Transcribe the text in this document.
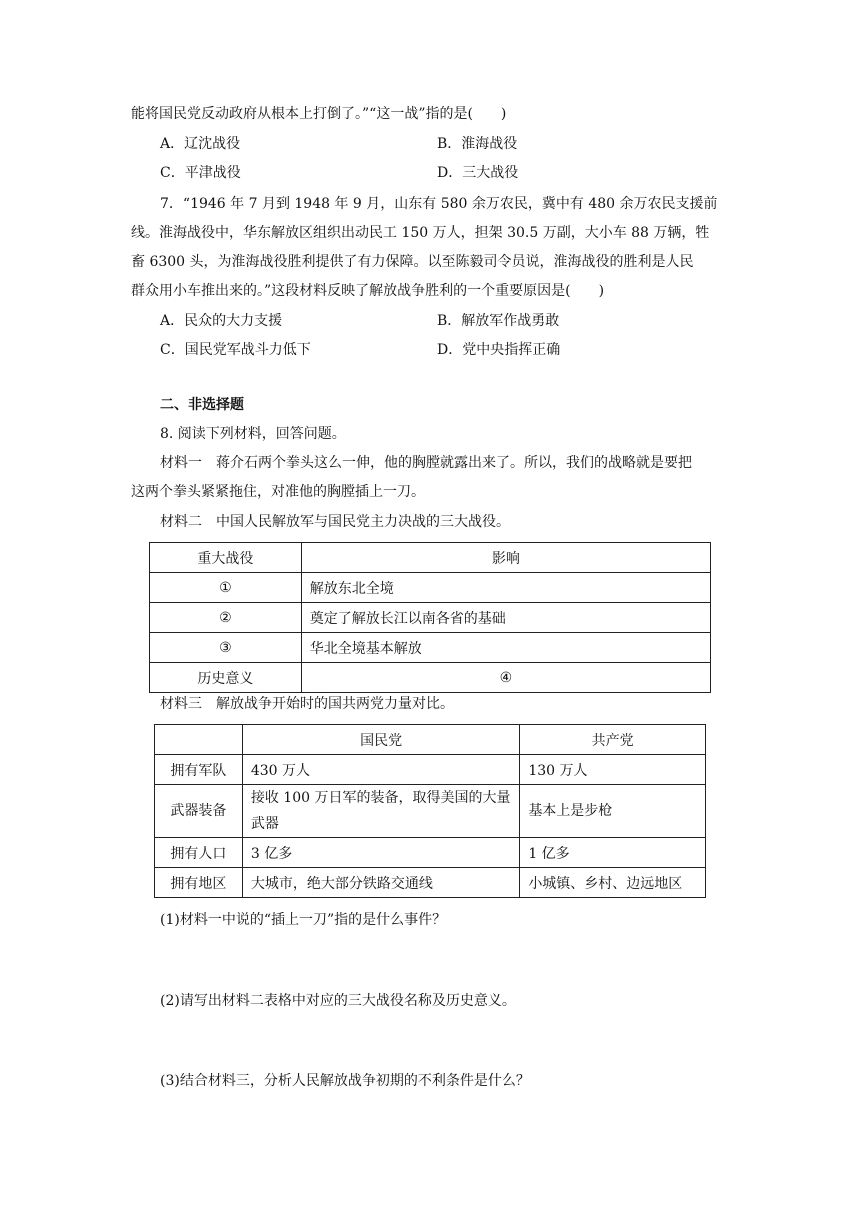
能将国民党反动政府从根本上打倒了。”“这一战”指的是(　　)
A．辽沈战役	B．淮海战役
C．平津战役	D．三大战役
7．“1946 年 7 月到 1948 年 9 月，山东有 580 余万农民，冀中有 480 余万农民支援前
线。淮海战役中，华东解放区组织出动民工 150 万人，担架 30.5 万副，大小车 88 万辆，牲
畜 6300 头，为淮海战役胜利提供了有力保障。以至陈毅司令员说，淮海战役的胜利是人民
群众用小车推出来的。”这段材料反映了解放战争胜利的一个重要原因是(　　)
A．民众的大力支援	B．解放军作战勇敢
C．国民党军战斗力低下	D．党中央指挥正确
二、非选择题
8. 阅读下列材料，回答问题。
材料一　蒋介石两个拳头这么一伸，他的胸膛就露出来了。所以，我们的战略就是要把
这两个拳头紧紧拖住，对准他的胸膛插上一刀。
材料二　中国人民解放军与国民党主力决战的三大战役。
重大战役	影响
①	解放东北全境
②	奠定了解放长江以南各省的基础
③	华北全境基本解放
历史意义	④
材料三　解放战争开始时的国共两党力量对比。
	国民党	共产党
拥有军队	430 万人	130 万人
武器装备	接收 100 万日军的装备，取得美国的大量武器	基本上是步枪
拥有人口	3 亿多	1 亿多
拥有地区	大城市，绝大部分铁路交通线	小城镇、乡村、边远地区
(1)材料一中说的“插上一刀”指的是什么事件？
(2)请写出材料二表格中对应的三大战役名称及历史意义。
(3)结合材料三，分析人民解放战争初期的不利条件是什么？
